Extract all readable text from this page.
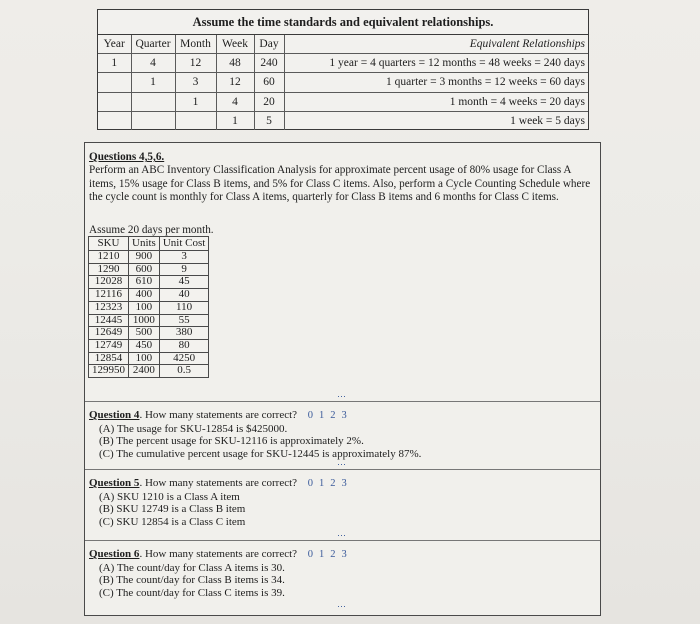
Assume the time standards and equivalent relationships.
Year	Quarter	Month	Week	Day	Equivalent Relationships
1	4	12	48	240	1 year = 4 quarters = 12 months = 48 weeks = 240 days
	1	3	12	60	1 quarter = 3 months = 12 weeks = 60 days
		1	4	20	1 month = 4 weeks = 20 days
			1	5	1 week = 5 days
Questions 4,5,6.
Perform an ABC Inventory Classification Analysis for approximate percent usage of 80% usage for Class A items, 15% usage for Class B items, and 5% for Class C items. Also, perform a Cycle Counting Schedule where the cycle count is monthly for Class A items, quarterly for Class B items and 6 months for Class C items.
Assume 20 days per month.
SKU	Units	Unit Cost
1210	900	3
1290	600	9
12028	610	45
12116	400	40
12323	100	110
12445	1000	55
12649	500	380
12749	450	80
12854	100	4250
129950	2400	0.5
⋯
Question 4. How many statements are correct? 0 1 2 3
(A) The usage for SKU-12854 is $425000.
(B) The percent usage for SKU-12116 is approximately 2%.
(C) The cumulative percent usage for SKU-12445 is approximately 87%.
⋯
Question 5. How many statements are correct? 0 1 2 3
(A) SKU 1210 is a Class A item
(B) SKU 12749 is a Class B item
(C) SKU 12854 is a Class C item
⋯
Question 6. How many statements are correct? 0 1 2 3
(A) The count/day for Class A items is 30.
(B) The count/day for Class B items is 34.
(C) The count/day for Class C items is 39.
⋯
